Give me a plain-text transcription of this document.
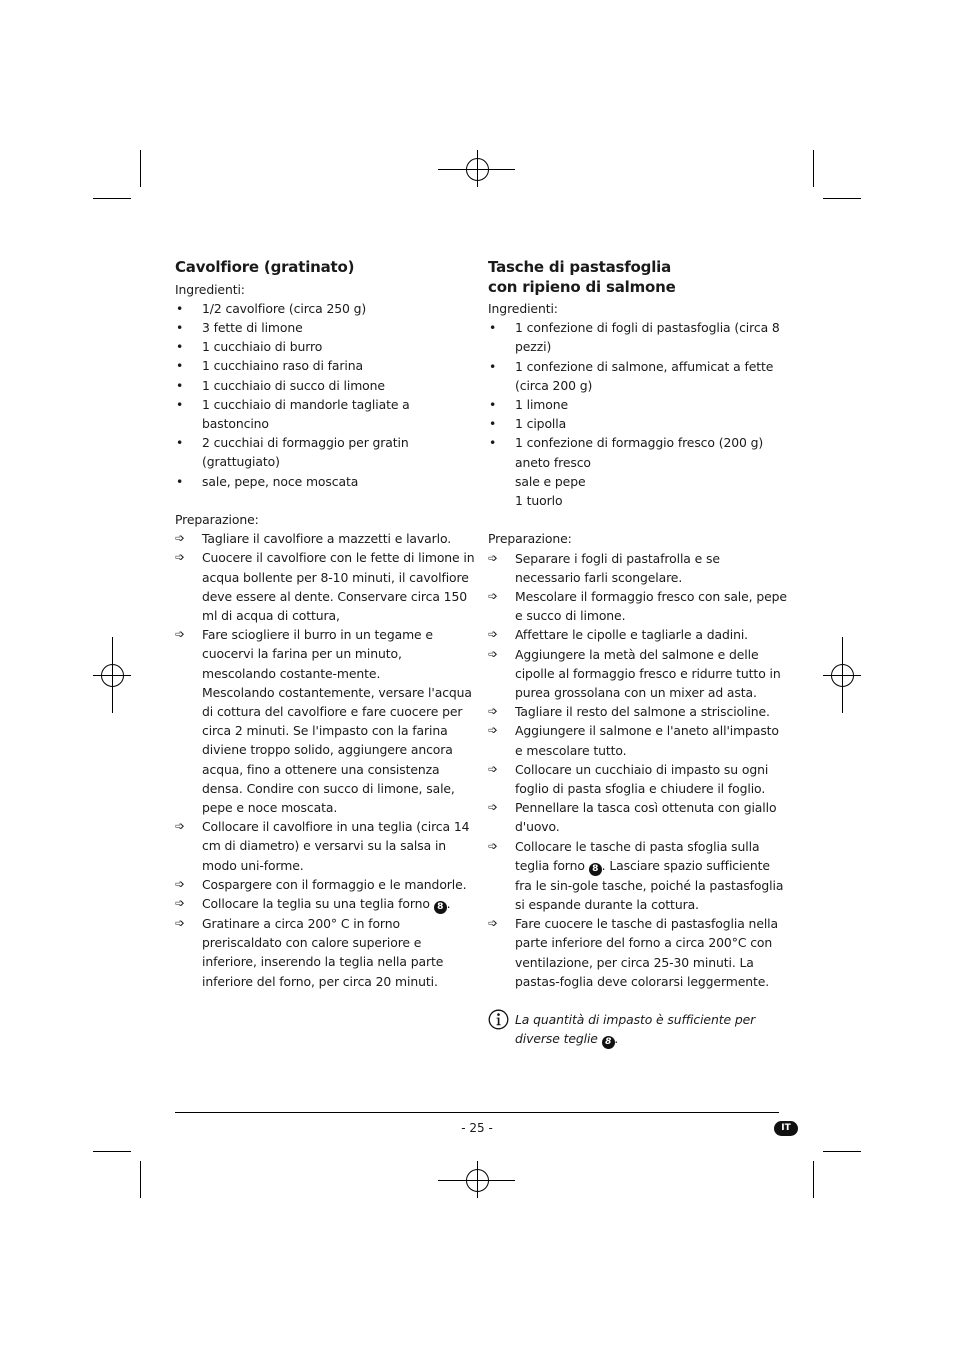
Cavolfiore (gratinato)

Ingredienti:

• 1/2 cavolfiore (circa 250 g)
• 3 fette di limone
• 1 cucchiaio di burro
• 1 cucchiaino raso di farina
• 1 cucchiaio di succo di limone
• 1 cucchiaio di mandorle tagliate a bastoncino
• 2 cucchiai di formaggio per gratin (grattugiato)
• sale, pepe, noce moscata

Preparazione:

➩ Tagliare il cavolfiore a mazzetti e lavarlo.
➩ Cuocere il cavolfiore con le fette di limone in acqua bollente per 8-10 minuti, il cavolfiore deve essere al dente. Conservare circa 150 ml di acqua di cottura,
➩ Fare sciogliere il burro in un tegame e cuocervi la farina per un minuto, mescolando costante-mente.
Mescolando costantemente, versare l'acqua di cottura del cavolfiore e fare cuocere per circa 2 minuti. Se l'impasto con la farina diviene troppo solido, aggiungere ancora acqua, fino a ottenere una consistenza densa. Condire con succo di limone, sale, pepe e noce moscata.
➩ Collocare il cavolfiore in una teglia (circa 14 cm di diametro) e versarvi su la salsa in modo uni-forme.
➩ Cospargere con il formaggio e le mandorle.
➩ Collocare la teglia su una teglia forno 8 .
➩ Gratinare a circa 200° C in forno preriscaldato con calore superiore e inferiore, inserendo la teglia nella parte inferiore del forno, per circa 20 minuti.
Tasche di pastasfoglia
con ripieno di salmone

Ingredienti:

• 1 confezione di fogli di pastasfoglia (circa 8 pezzi)
• 1 confezione di salmone, affumicat a fette (circa 200 g)
• 1 limone
• 1 cipolla
• 1 confezione di formaggio fresco (200 g)
aneto fresco
sale e pepe
1 tuorlo

Preparazione:

➩ Separare i fogli di pastafrolla e se necessario farli scongelare.
➩ Mescolare il formaggio fresco con sale, pepe e succo di limone.
➩ Affettare le cipolle e tagliarle a dadini.
➩ Aggiungere la metà del salmone e delle cipolle al formaggio fresco e ridurre tutto in purea grossolana con un mixer ad asta.
➩ Tagliare il resto del salmone a striscioline.
➩ Aggiungere il salmone e l'aneto all'impasto e mescolare tutto.
➩ Collocare un cucchiaio di impasto su ogni foglio di pasta sfoglia e chiudere il foglio.
➩ Pennellare la tasca così ottenuta con giallo d'uovo.
➩ Collocare le tasche di pasta sfoglia sulla teglia forno 8 . Lasciare spazio sufficiente fra le sin-gole tasche, poiché la pastasfoglia si espande durante la cottura.
➩ Fare cuocere le tasche di pastasfoglia nella parte inferiore del forno a circa 200°C con ventilazione, per circa 25-30 minuti. La pastas-foglia deve colorarsi leggermente.
La quantità di impasto è sufficiente per diverse teglie 8 .
- 25 -	IT
